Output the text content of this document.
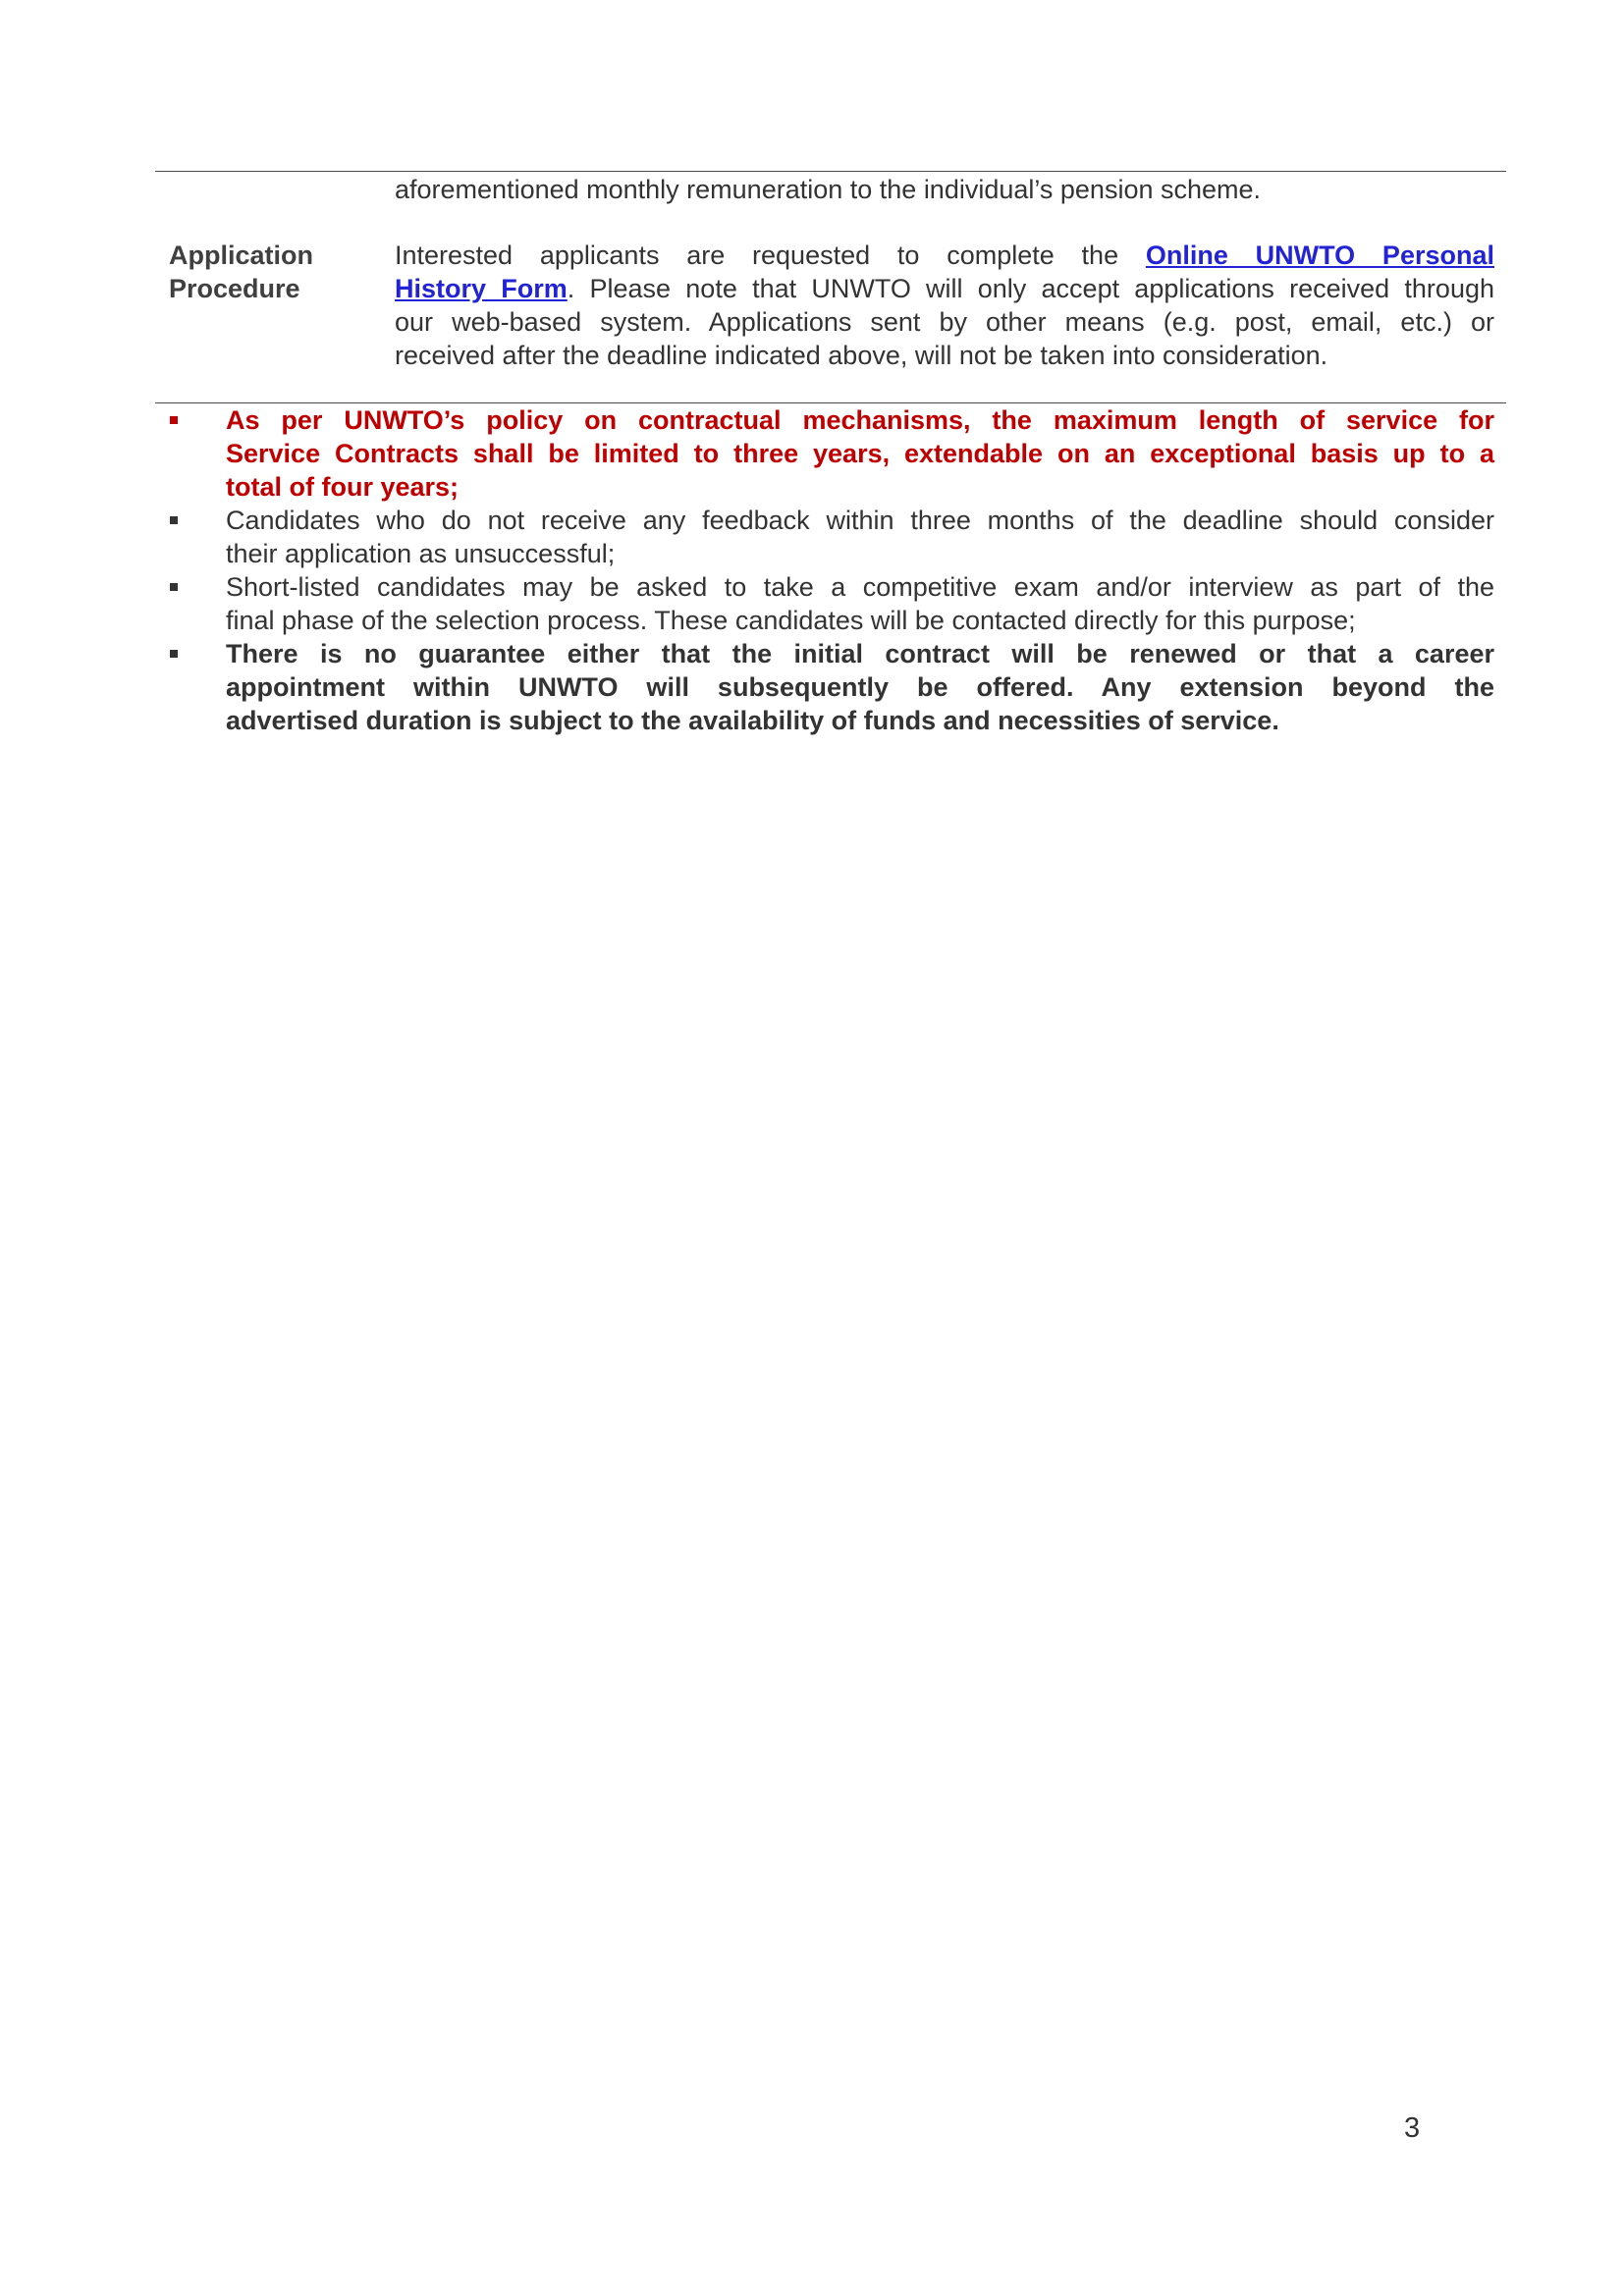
aforementioned monthly remuneration to the individual’s pension scheme.
Application
Procedure
Interested applicants are requested to complete the Online UNWTO Personal
History Form. Please note that UNWTO will only accept applications received through
our web-based system. Applications sent by other means (e.g. post, email, etc.) or
received after the deadline indicated above, will not be taken into consideration.
As per UNWTO’s policy on contractual mechanisms, the maximum length of service for
Service Contracts shall be limited to three years, extendable on an exceptional basis up to a
total of four years;
Candidates who do not receive any feedback within three months of the deadline should consider
their application as unsuccessful;
Short-listed candidates may be asked to take a competitive exam and/or interview as part of the
final phase of the selection process. These candidates will be contacted directly for this purpose;
There is no guarantee either that the initial contract will be renewed or that a career
appointment within UNWTO will subsequently be offered. Any extension beyond the
advertised duration is subject to the availability of funds and necessities of service.
3
